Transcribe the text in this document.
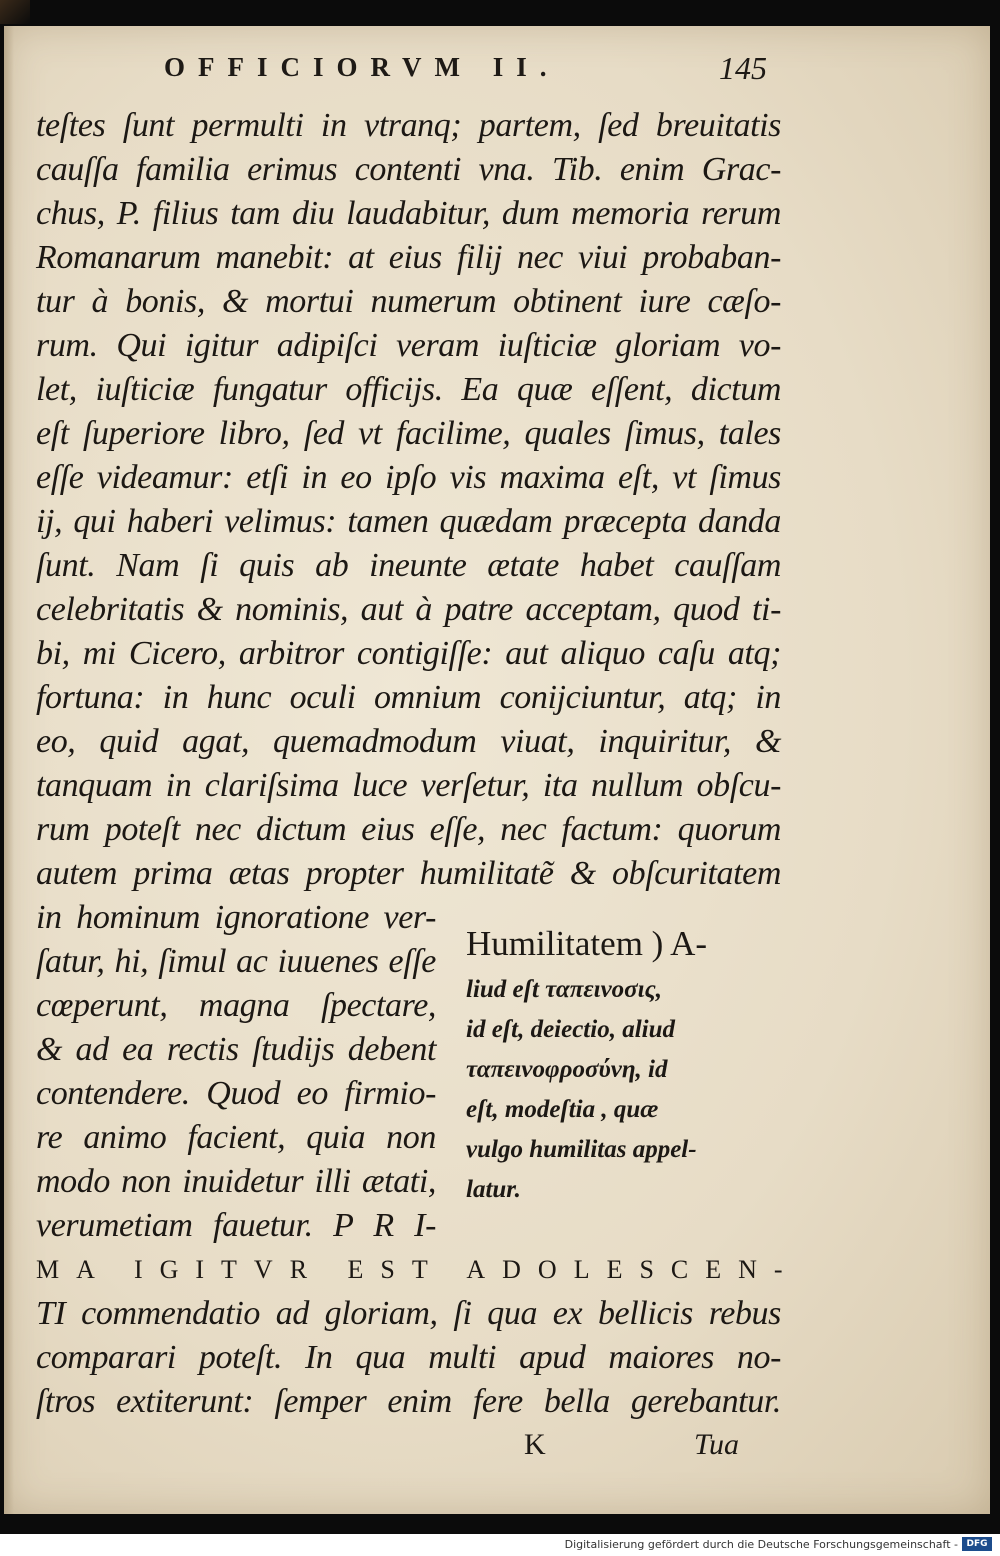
OFFICIORVM II.	145
teſtes ſunt permulti in vtranq; partem, ſed breuitatis
cauſſa familia erimus contenti vna. Tib. enim Grac-
chus, P. filius tam diu laudabitur, dum memoria rerum
Romanarum manebit: at eius filij nec viui probaban-
tur à bonis, & mortui numerum obtinent iure cæſo-
rum. Qui igitur adipiſci veram iuſticiæ gloriam vo-
let, iuſticiæ fungatur officijs. Ea quæ eſſent, dictum
eſt ſuperiore libro, ſed vt facilime, quales ſimus, tales
eſſe videamur: etſi in eo ipſo vis maxima eſt, vt ſimus
ij, qui haberi velimus: tamen quædam præcepta danda
ſunt. Nam ſi quis ab ineunte ætate habet cauſſam
celebritatis & nominis, aut à patre acceptam, quod ti-
bi, mi Cicero, arbitror contigiſſe: aut aliquo caſu atq;
fortuna: in hunc oculi omnium conijciuntur, atq; in
eo, quid agat, quemadmodum viuat, inquiritur, &
tanquam in clariſsima luce verſetur, ita nullum obſcu-
rum poteſt nec dictum eius eſſe, nec factum: quorum
autem prima ætas propter humilitatẽ & obſcuritatem
in hominum ignoratione ver-
ſatur, hi, ſimul ac iuuenes eſſe
cœperunt, magna ſpectare,
& ad ea rectis ſtudijs debent
contendere. Quod eo firmio-
re animo facient, quia non
modo non inuidetur illi ætati,
verumetiam fauetur. P R I-
Humilitatem ) A-
liud eſt ταπεινοσις,
id eſt, deiectio, aliud
ταπεινοφροσύνη, id
eſt, modeſtia , quæ
vulgo humilitas appel-
latur.
MA IGITVR EST ADOLESCEN-
TI commendatio ad gloriam, ſi qua ex bellicis rebus
comparari poteſt. In qua multi apud maiores no-
ſtros extiterunt: ſemper enim fere bella gerebantur.
K	Tua
Digitalisierung gefördert durch die Deutsche Forschungsgemeinschaft - DFG
